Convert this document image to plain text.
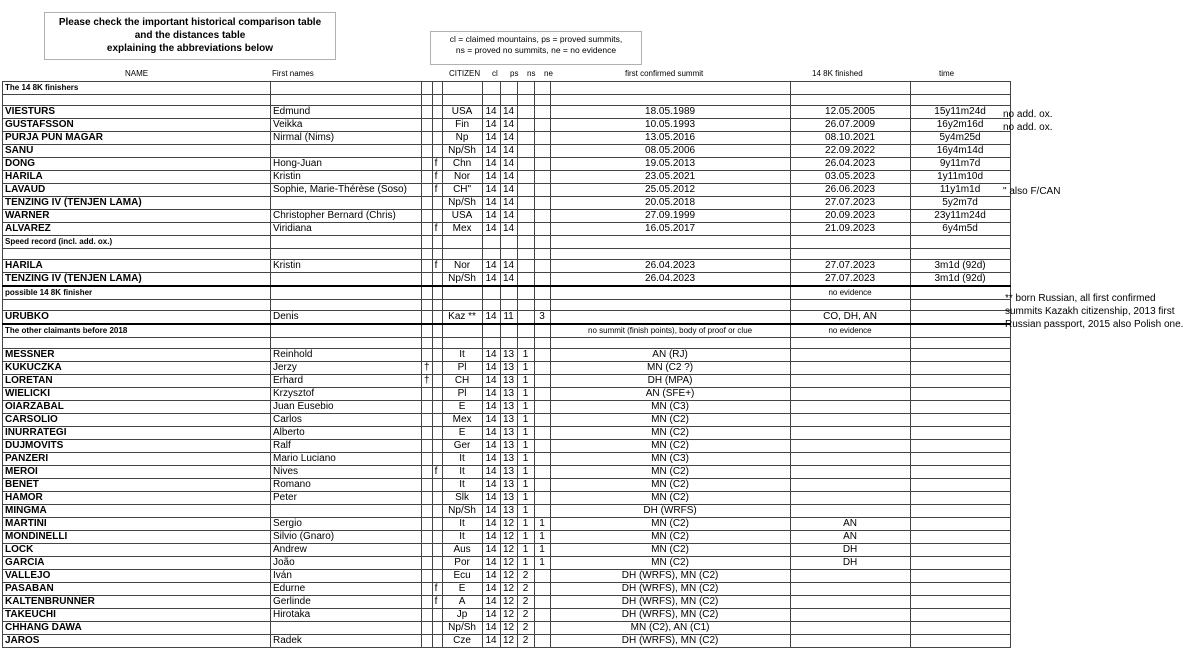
Please check the important historical comparison table
and the distances table
explaining the abbreviations below
cl = claimed mountains, ps = proved summits,
ns = proved no summits, ne = no evidence
NAME	First names	CITIZEN cl ps ns ne	first confirmed summit	14 8K finished	time
The 14 8K finishers											

VIESTURS	Edmund			USA	14	14			18.05.1989	12.05.2005	15y11m24d
GUSTAFSSON	Veikka			Fin	14	14			10.05.1993	26.07.2009	16y2m16d
PURJA PUN MAGAR	Nirmal (Nims)			Np	14	14			13.05.2016	08.10.2021	5y4m25d
SANU				Np/Sh	14	14			08.05.2006	22.09.2022	16y4m14d
DONG	Hong-Juan		f	Chn	14	14			19.05.2013	26.04.2023	9y11m7d
HARILA	Kristin		f	Nor	14	14			23.05.2021	03.05.2023	1y11m10d
LAVAUD	Sophie, Marie-Thérèse (Soso)		f	CH"	14	14			25.05.2012	26.06.2023	11y1m1d
TENZING IV (TENJEN LAMA)				Np/Sh	14	14			20.05.2018	27.07.2023	5y2m7d
WARNER	Christopher Bernard (Chris)			USA	14	14			27.09.1999	20.09.2023	23y11m24d
ALVAREZ	Viridiana		f	Mex	14	14			16.05.2017	21.09.2023	6y4m5d
Speed record (incl. add. ox.)											

HARILA	Kristin		f	Nor	14	14			26.04.2023	27.07.2023	3m1d (92d)
TENZING IV (TENJEN LAMA)				Np/Sh	14	14			26.04.2023	27.07.2023	3m1d (92d)
possible 14 8K finisher										no evidence	

URUBKO	Denis			Kaz **	14	11		3		CO, DH, AN	
The other claimants before 2018									no summit (finish points), body of proof or clue	no evidence	

MESSNER	Reinhold			It	14	13	1		AN (RJ)		
KUKUCZKA	Jerzy	†		Pl	14	13	1		MN (C2 ?)		
LORETAN	Erhard	†		CH	14	13	1		DH (MPA)		
WIELICKI	Krzysztof			Pl	14	13	1		AN (SFE+)		
OIARZABAL	Juan Eusebio			E	14	13	1		MN (C3)		
CARSOLIO	Carlos			Mex	14	13	1		MN (C2)		
INURRATEGI	Alberto			E	14	13	1		MN (C2)		
DUJMOVITS	Ralf			Ger	14	13	1		MN (C2)		
PANZERI	Mario Luciano			It	14	13	1		MN (C3)		
MEROI	Nives		f	It	14	13	1		MN (C2)		
BENET	Romano			It	14	13	1		MN (C2)		
HAMOR	Peter			Slk	14	13	1		MN (C2)		
MINGMA				Np/Sh	14	13	1		DH (WRFS)		
MARTINI	Sergio			It	14	12	1	1	MN (C2)	AN	
MONDINELLI	Silvio (Gnaro)			It	14	12	1	1	MN (C2)	AN	
LOCK	Andrew			Aus	14	12	1	1	MN (C2)	DH	
GARCIA	João			Por	14	12	1	1	MN (C2)	DH	
VALLEJO	Iván			Ecu	14	12	2		DH (WRFS), MN (C2)		
PASABAN	Edurne		f	E	14	12	2		DH (WRFS), MN (C2)		
KALTENBRUNNER	Gerlinde		f	A	14	12	2		DH (WRFS), MN (C2)		
TAKEUCHI	Hirotaka			Jp	14	12	2		DH (WRFS), MN (C2)		
CHHANG DAWA				Np/Sh	14	12	2		MN (C2), AN (C1)		
JAROS	Radek			Cze	14	12	2		DH (WRFS), MN (C2)		
no add. ox.
no add. ox.
" also F/CAN
** born Russian, all first confirmed
summits Kazakh citizenship, 2013 first
Russian passport, 2015 also Polish one.
